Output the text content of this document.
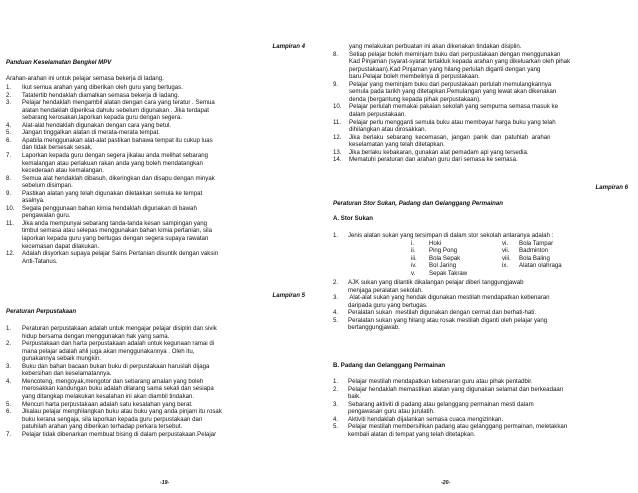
Lampiran 4
Panduan Keselamatan Bengkel MPV
Arahan-arahan ini untuk pelajar semasa bekerja di ladang.
1. Ikut semua arahan yang diberikan oleh guru yang bertugas.
2. Tatatertib hendaklah diamalkan semasa bekerja di ladang.
3. Pelajar hendaklah mengambil alatan dengan cara yang teratur . Semua
alatan hendaklah diperiksa dahulu sebelum digunakan . Jika terdapat
sebarang kerosakan,laporkan kepada guru dengan segera.
4. Alat-alat hendaklah digunakan dengan cara yang betul.
5. Jangan tinggalkan alatan di merata-merata tempat.
6. Apabila menggunakan alat-alat pastikan bahawa tempat itu cukup luas
dan tidak bersesak sesak.
7. Laporkan kepada guru dengan segera jikalau anda melihat sebarang
kemalangan atau perlakuan rakan anda yang boleh mendatangkan
kecederaan atau kemalangan.
8. Semua alat hendaklah dibasuh, dikeringkan dan disapu dengan minyak
sebelum disimpan.
9. Pastikan alatan yang telah digunakan diletakkan semula ke tempat
asalnya.
10. Segala penggunaan bahan kimia hendaklah digunakan di bawah
pengawalan guru.
11. Jika anda mempunyai sebarang tanda-tanda kesan sampingan yang
timbul semasa atau selepas menggunakan bahan kimia pertanian, sila
laporkan kepada guru yang bertugas dengan segera supaya rawatan
kecemasan dapat dilakukan.
12. Adalah disyorkan supaya pelajar Sains Pertanian disuntik dengan vaksin
Anti-Tatanus.
Lampiran 5
Peraturan Perpustakaan
1. Peraturan perpustakaan adalah untuk mengajar pelajar disiplin dan sivik
hidup bersama dengan menggunakan hak yang sama.
2. Perpustakaan dan harta perpustakaan adalah untuk kegunaan ramai di
mana pelajar adalah ahli juga akan menggunakannya . Oleh itu,
gunakannya sebaik mungkin.
3. Buku dan bahan bacaan bukan buku di perpustakaan haruslah dijaga
kebersihan dan keselamatannya.
4. Mencoteng, mengoyak,mengotor dan sebarang amalan yang boleh
merosakkan kandungan buku adalah dilarang sama sekali dan sesiapa
yang ditangkap melakukan kesalahan ini akan diambil tindakan.
5. Mencuri harta perpustakaan adalah satu kesalahan yang berat.
6. Jikalau pelajar menghilangkan buku atau buku yang anda pinjam itu rosak
buku kerana sengaja, sila laporkan kepada guru perpustakaan dan
patuhilah arahan yang diberikan terhadap perkara tersebut.
7. Pelajar tidak dibenarkan membuat bising di dalam perpustakaan.Pelajar
-19-
yang melakukan perbuatan ini akan dikenakan tindakan disiplin.
8. Setiap pelajar boleh meminjam buku dari perpustakaan dengan menggunakan
Kad Pinjaman (syarat-syarat tertakluk kepada arahan yang dikeluarkan oleh pihak
perpustakaan).Kad Pinjaman yang hilang perlulah diganti dengan yang
baru.Pelajar boleh membelinya di perpustakaan.
9. Pelajar yang meminjam buku dari perpustakaan perlulah memulangkannya
semula pada tarikh yang ditetapkan.Pemulangan yang lewat akan dikenakan
denda (bergantung kepada pihak perpustakaan).
10. Pelajar perlulah memakai pakaian sekolah yang sempurna semasa masuk ke
dalam perpustakaan.
11. Pelajar perlu mengganti semula buku atau membayar harga buku yang telah
dihilangkan atau dirosakkan.
12. Jika  berlaku  sebarang  kecemasan,  jangan  panik  dan  patuhlah  arahan
keselamatan yang telah ditetapkan.
13. Jika berlaku kebakaran, gunakan alat pemadam api yang tersedia.
14. Mematuhi peraturan dan arahan guru dari semasa ke semasa.
Lampiran 6
Peraturan Stor Sukan, Padang dan Gelanggang Permainan
A. Stor Sukan
1. Jenis alatan sukan yang tersimpan di dalam stor sekolah antaranya adalah :
i. Hoki
ii. Ping Pong
iii. Bola Sepak
iv. Bol Jaring
v. Sepak Takraw
vi. Bola Tampar
vii. Badminton
viii. Bola Baling
ix. Alatan olahraga
2. AJK sukan yang dilantik dikalangan pelajar diberi tanggungjawab
menjaga peralatan sekolah.
3. Alat-alat sukan yang hendak digunakan mestilah mendapatkan kebenaran
daripada guru yang bertugas.
4. Peralatan sukan  mestilah digunakan dengan cermat dan berhati-hati.
5. Peralatan sukan yang hilang atau rosak mestilah diganti oleh pelajar yang
bertanggungjawab.
B. Padang dan Gelanggang Permainan
1. Pelajar mestilah mendapatkan kebenaran guru atau pihak pentadbir.
2. Pelajar hendaklah memastikan alatan yang digunakan selamat dan berkeadaan
baik.
3. Sebarang aktiviti di padang atau gelanggang permainan mesti dalam
pengawasan guru atau jurulatih.
4. Aktiviti hendaklah dijalankan semasa cuaca mengizinkan.
5. Pelajar mestilah membersihkan padang atau gelanggang permainan, meletakkan
kembali alatan di tempat yang telah ditetapkan.
-20-
